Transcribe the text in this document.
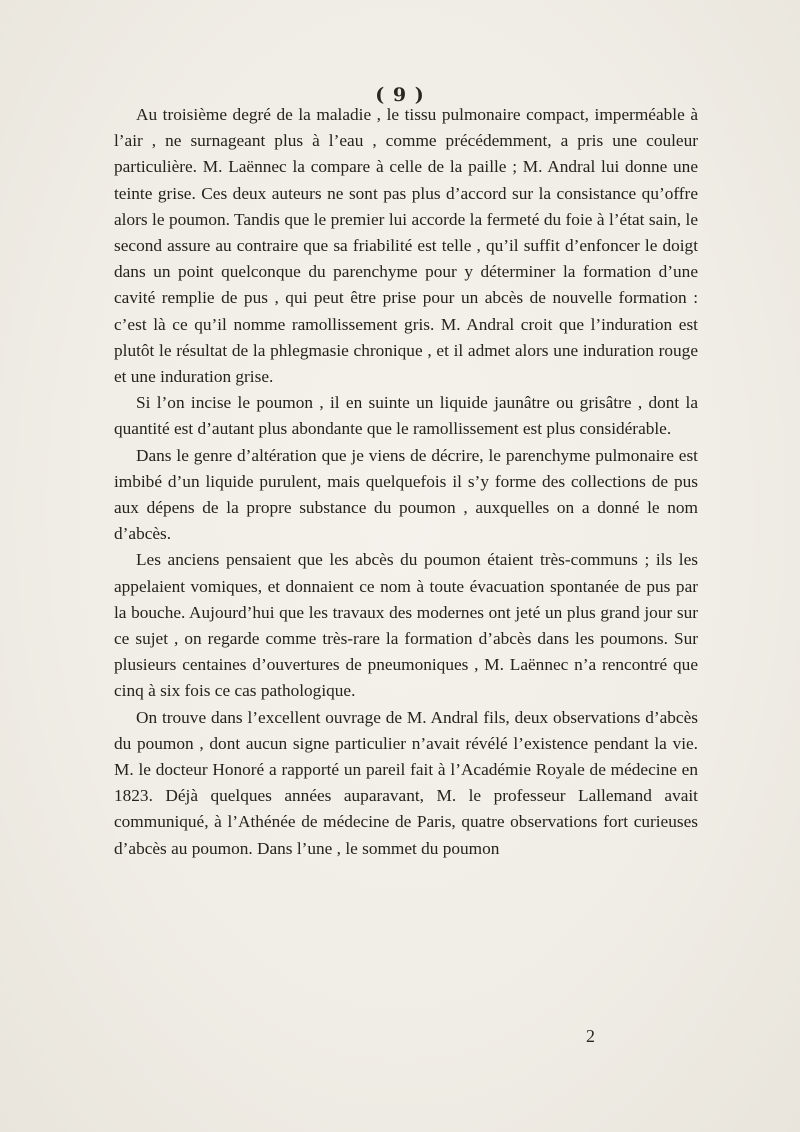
( 9 )

Au troisième degré de la maladie , le tissu pulmonaire compact, imperméable à l’air , ne surnageant plus à l’eau , comme précédemment, a pris une couleur particulière. M. Laënnec la compare à celle de la paille ; M. Andral lui donne une teinte grise. Ces deux auteurs ne sont pas plus d’accord sur la consistance qu’offre alors le poumon. Tandis que le premier lui accorde la fermeté du foie à l’état sain, le second assure au contraire que sa friabilité est telle , qu’il suffit d’enfoncer le doigt dans un point quelconque du parenchyme pour y déterminer la formation d’une cavité remplie de pus , qui peut être prise pour un abcès de nouvelle formation : c’est là ce qu’il nomme ramollissement gris. M. Andral croit que l’induration est plutôt le résultat de la phlegmasie chronique , et il admet alors une induration rouge et une induration grise.

Si l’on incise le poumon , il en suinte un liquide jaunâtre ou grisâtre , dont la quantité est d’autant plus abondante que le ramollissement est plus considérable.

Dans le genre d’altération que je viens de décrire, le parenchyme pulmonaire est imbibé d’un liquide purulent, mais quelquefois il s’y forme des collections de pus aux dépens de la propre substance du poumon , auxquelles on a donné le nom d’abcès.

Les anciens pensaient que les abcès du poumon étaient très-communs ; ils les appelaient vomiques, et donnaient ce nom à toute évacuation spontanée de pus par la bouche. Aujourd’hui que les travaux des modernes ont jeté un plus grand jour sur ce sujet , on regarde comme très-rare la formation d’abcès dans les poumons. Sur plusieurs centaines d’ouvertures de pneumoniques , M. Laënnec n’a rencontré que cinq à six fois ce cas pathologique.

On trouve dans l’excellent ouvrage de M. Andral fils, deux observations d’abcès du poumon , dont aucun signe particulier n’avait révélé l’existence pendant la vie. M. le docteur Honoré a rapporté un pareil fait à l’Académie Royale de médecine en 1823. Déjà quelques années auparavant, M. le professeur Lallemand avait communiqué, à l’Athénée de médecine de Paris, quatre observations fort curieuses d’abcès au poumon. Dans l’une , le sommet du poumon

2
